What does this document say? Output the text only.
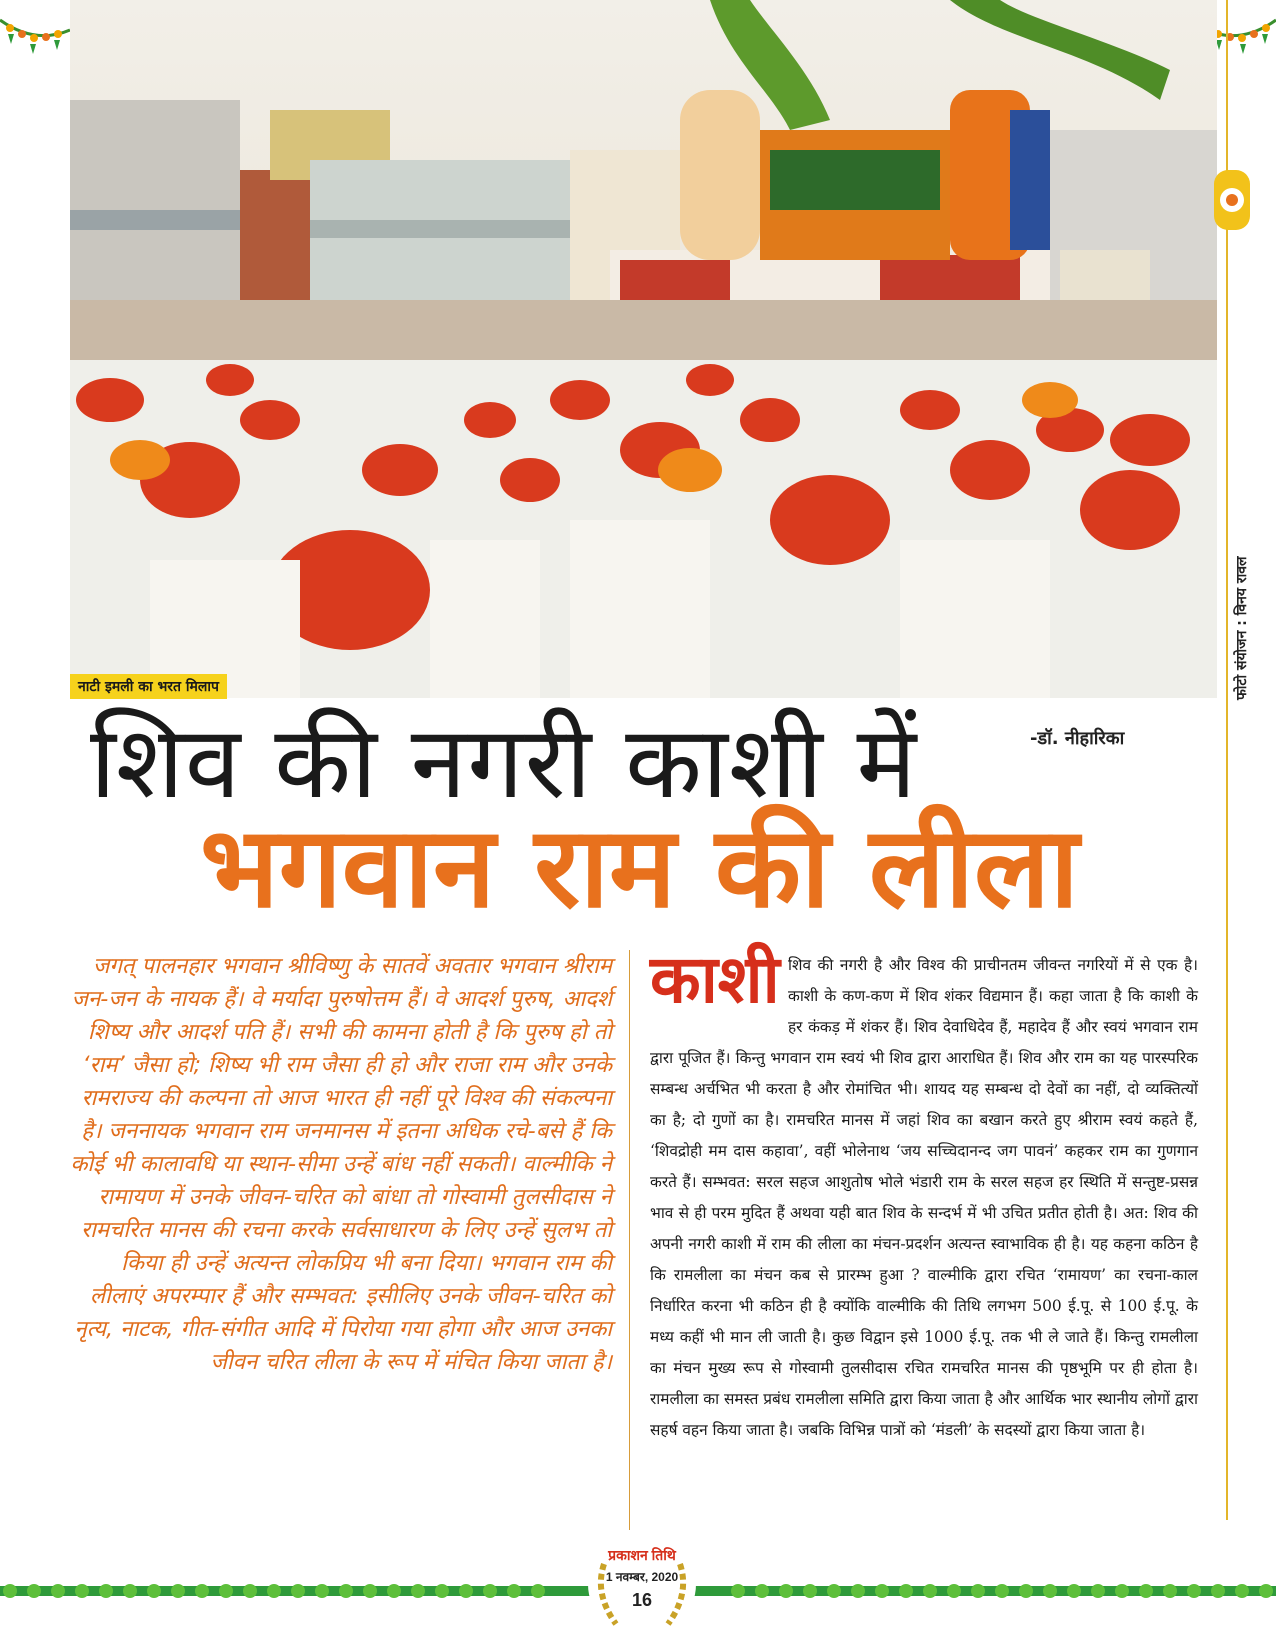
नाटी इमली का भरत मिलाप	फोटो संयोजन : विनय रावल
-डॉ. नीहारिका
शिव की नगरी काशी में
भगवान राम की लीला

जगत् पालनहार भगवान श्रीविष्णु के सातवें अवतार भगवान श्रीराम जन-जन के नायक हैं। वे मर्यादा पुरुषोत्तम हैं। वे आदर्श पुरुष, आदर्श शिष्य और आदर्श पति हैं। सभी की कामना होती है कि पुरुष हो तो ‘राम’ जैसा हो; शिष्य भी राम जैसा ही हो और राजा राम और उनके रामराज्य की कल्पना तो आज भारत ही नहीं पूरे विश्व की संकल्पना है। जननायक भगवान राम जनमानस में इतना अधिक रचे-बसे हैं कि कोई भी कालावधि या स्थान-सीमा उन्हें बांध नहीं सकती। वाल्मीकि ने रामायण में उनके जीवन-चरित को बांधा तो गोस्वामी तुलसीदास ने रामचरित मानस की रचना करके सर्वसाधारण के लिए उन्हें सुलभ तो किया ही उन्हें अत्यन्त लोकप्रिय भी बना दिया। भगवान राम की लीलाएं अपरम्पार हैं और सम्भवत: इसीलिए उनके जीवन-चरित को नृत्य, नाटक, गीत-संगीत आदि में पिरोया गया होगा और आज उनका जीवन चरित लीला के रूप में मंचित किया जाता है।

काशी शिव की नगरी है और विश्व की प्राचीनतम जीवन्त नगरियों में से एक है। काशी के कण-कण में शिव शंकर विद्यमान हैं। कहा जाता है कि काशी के हर कंकड़ में शंकर हैं। शिव देवाधिदेव हैं, महादेव हैं और स्वयं भगवान राम द्वारा पूजित हैं। किन्तु भगवान राम स्वयं भी शिव द्वारा आराधित हैं। शिव और राम का यह पारस्परिक सम्बन्ध अर्चभित भी करता है और रोमांचित भी। शायद यह सम्बन्ध दो देवों का नहीं, दो व्यक्तित्यों का है; दो गुणों का है। रामचरित मानस में जहां शिव का बखान करते हुए श्रीराम स्वयं कहते हैं, ‘शिवद्रोही मम दास कहावा’, वहीं भोलेनाथ ‘जय सच्चिदानन्द जग पावनं’ कहकर राम का गुणगान करते हैं। सम्भवत: सरल सहज आशुतोष भोले भंडारी राम के सरल सहज हर स्थिति में सन्तुष्ट-प्रसन्न भाव से ही परम मुदित हैं अथवा यही बात शिव के सन्दर्भ में भी उचित प्रतीत होती है। अत: शिव की अपनी नगरी काशी में राम की लीला का मंचन-प्रदर्शन अत्यन्त स्वाभाविक ही है। यह कहना कठिन है कि रामलीला का मंचन कब से प्रारम्भ हुआ ? वाल्मीकि द्वारा रचित ‘रामायण’ का रचना-काल निर्धारित करना भी कठिन ही है क्योंकि वाल्मीकि की तिथि लगभग 500 ई.पू. से 100 ई.पू. के मध्य कहीं भी मान ली जाती है। कुछ विद्वान इसे 1000 ई.पू. तक भी ले जाते हैं। किन्तु रामलीला का मंचन मुख्य रूप से गोस्वामी तुलसीदास रचित रामचरित मानस की पृष्ठभूमि पर ही होता है। रामलीला का समस्त प्रबंध रामलीला समिति द्वारा किया जाता है और आर्थिक भार स्थानीय लोगों द्वारा सहर्ष वहन किया जाता है। जबकि विभिन्न पात्रों को ‘मंडली’ के सदस्यों द्वारा किया जाता है।

प्रकाशन तिथि
1 नवम्बर, 2020
16
